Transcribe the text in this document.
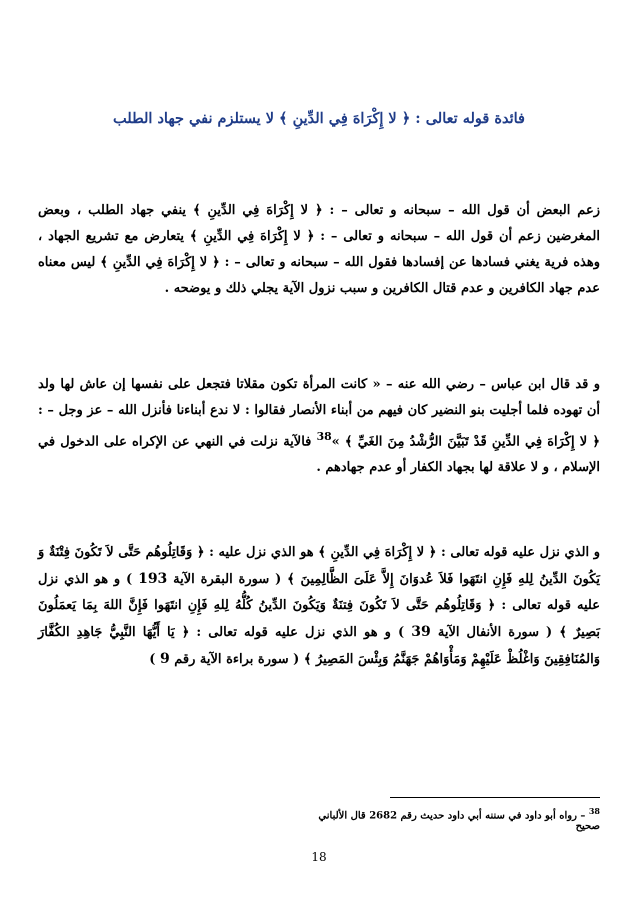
فائدة قوله تعالى : ﴿ لا إِكْرَاهَ فِي الدِّينِ ﴾ لا يستلزم نفي جهاد الطلب

زعم البعض أن قول الله – سبحانه و تعالى – : ﴿ لا إِكْرَاهَ فِي الدِّينِ ﴾ ينفي جهاد الطلب ، وبعض المغرضين زعم أن قول الله – سبحانه و تعالى – : ﴿ لا إِكْرَاهَ فِي الدِّينِ ﴾ يتعارض مع تشريع الجهاد ، وهذه فرية يغني فسادها عن إفسادها فقول الله – سبحانه و تعالى – : ﴿ لا إِكْرَاهَ فِي الدِّينِ ﴾ ليس معناه عدم جهاد الكافرين و عدم قتال الكافرين و سبب نزول الآية يجلي ذلك و يوضحه .

و قد قال ابن عباس – رضي الله عنه – « كانت المرأة تكون مقلاتا فتجعل على نفسها إن عاش لها ولد أن تهوده فلما أجليت بنو النضير كان فيهم من أبناء الأنصار فقالوا : لا ندع أبناءنا فأنزل الله – عز وجل – : ﴿ لا إِكْرَاهَ فِي الدِّينِ قَدْ تَبَيَّنَ الرُّشْدُ مِنَ الغَيِّ ﴾ »$^{38}$ فالآية نزلت في النهي عن الإكراه على الدخول في الإسلام ، و لا علاقة لها بجهاد الكفار أو عدم جهادهم .

و الذي نزل عليه قوله تعالى : ﴿ لا إِكْرَاهَ فِي الدِّينِ ﴾ هو الذي نزل عليه : ﴿ وَقَاتِلُوهُم حَتَّى لاَ تَكُونَ فِتْنَةٌ وَ يَكُونَ الدِّينُ لِلهِ فَإِنِ انتَهَوا فَلاَ عُدوَانَ إِلاَّ عَلَىَ الظَّالِمِينَ ﴾ ( سورة البقرة الآية 193 ) و هو الذي نزل عليه قوله تعالى : ﴿ وَقَاتِلُوهُم حَتَّى لاَ تَكُونَ فِتنَةٌ وَيَكُونَ الدِّينُ كُلُّهُ لِلهِ فَإِنِ انتَهَوا فَإِنَّ اللهَ بِمَا يَعمَلُونَ بَصِيرٌ ﴾ ( سورة الأنفال الآية 39 ) و هو الذي نزل عليه قوله تعالى : ﴿ يَا أَيُّهَا النَّبِيُّ جَاهِدِ الكُفَّارَ وَالمُنَافِقِينَ وَاغْلُظْ عَلَيْهِمْ وَمَأْوَاهُمْ جَهَنَّمُ وَبِئْسَ المَصِيرُ ﴾ ( سورة براءة الآية رقم 9 )

$^{38}$ – رواه أبو داود في سننه أبي داود حديث رقم 2682 قال الألباني صحيح
18
